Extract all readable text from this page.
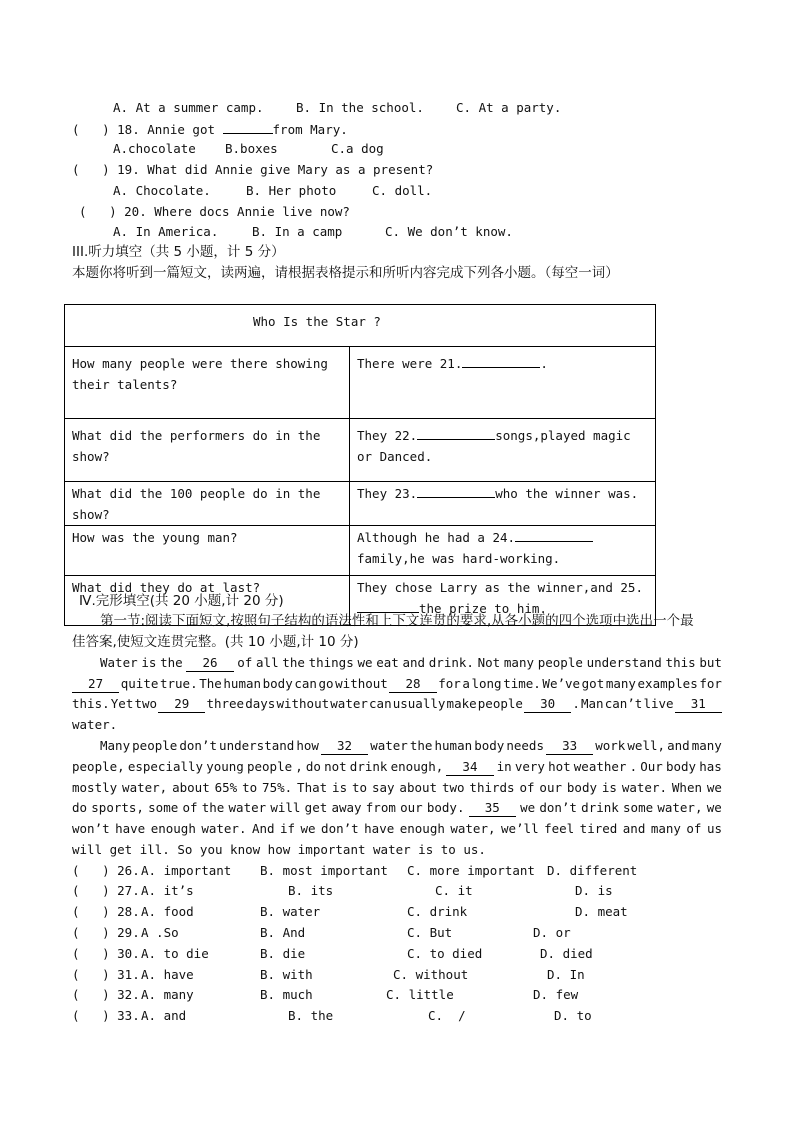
A. At a summer camp.	B. In the school.	C. At a party.
(   ) 18. Annie got	from Mary.
A.chocolate B.boxes	C.a dog
(   ) 19. What did Annie give Mary as a present?
A. Chocolate.	B. Her photo	C. doll.
(   ) 20. Where docs Annie live now?
A. In America.	B. In a camp	C. We don’t know.
III.听力填空（共 5 小题，计 5 分）
本题你将听到一篇短文，读两遍，请根据表格提示和所听内容完成下列各小题。（每空一词）
Who Is the Star ?	
How many people were there showing their talents?	There were 21. .
What did the performers do in the show?	They 22. songs,played magic or Danced.
What did the 100 people do in the show?	They 23. who the winner was.
How was the young man?	Although he had a 24.family,he was hard-working.
What did they do at last?	They chose Larry as the winner,and 25.the prize to him.
Ⅳ.完形填空(共 20 小题,计 20 分)
第一节:阅读下面短文,按照句子结构的语法性和上下文连贯的要求,从各小题的四个选项中选出一个最
佳答案,使短文连贯完整。(共 10 小题,计 10 分)
Water is the 26 of all the things we eat and drink. Not many people understand this but
27 quite true. The human body can go without 28 for a long time. We’ve got many examples for
this. Yet two 29 three days without water can usually make people 30 . Man can’t live 31
water.
Many people don’t understand how 32 water the human body needs 33 work well, and many
people, especially young people , do not drink enough, 34 in very hot weather . Our body has
mostly water, about 65% to 75%. That is to say about two thirds of our body is water. When we
do sports, some of the water will get away from our body. 35 we don’t drink some water, we
won’t have enough water. And if we don’t have enough water, we’ll feel tired and many of us
will get ill. So you know how important water is to us.
(   ) 26. A. important B. most important C. more important D. different
(   ) 27. A. it’s	B. its	C. it	D. is
(   ) 28. A. food	B. water	C. drink	D. meat
(   ) 29. A .So	B. And	C. But	D. or
(   ) 30. A. to die	B. die	C. to died	D. died
(   ) 31. A. have	B. with	C. without	D. In
(   ) 32. A. many	B. much	C. little	D. few
(   ) 33. A. and	B. the	C.  /	D. to
